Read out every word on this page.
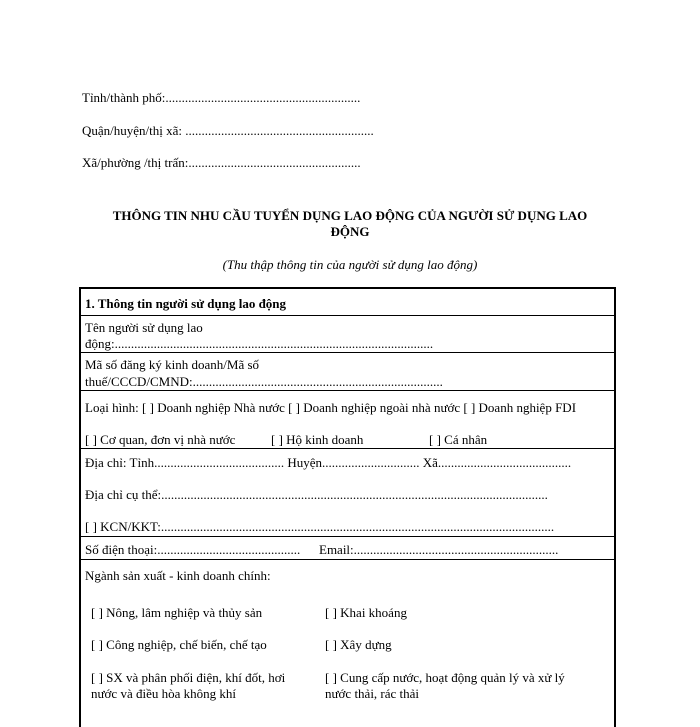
Tỉnh/thành phố:............................................................
Quận/huyện/thị xã: ..........................................................
Xã/phường /thị trấn:.....................................................
THÔNG TIN NHU CẦU TUYỂN DỤNG LAO ĐỘNG CỦA NGƯỜI SỬ DỤNG LAO ĐỘNG
(Thu thập thông tin của người sử dụng lao động)
1. Thông tin người sử dụng lao động
Tên người sử dụng lao
động:..................................................................................................
Mã số đăng ký kinh doanh/Mã số
thuế/CCCD/CMND:.............................................................................
Loại hình: [ ] Doanh nghiệp Nhà nước [ ] Doanh nghiệp ngoài nhà nước [ ] Doanh nghiệp FDI
[ ] Cơ quan, đơn vị nhà nước	[ ] Hộ kinh doanh	[ ] Cá nhân
Địa chỉ: Tỉnh........................................ Huyện.............................. Xã.........................................
Địa chỉ cụ thể:.......................................................................................................................
[ ] KCN/KKT:.........................................................................................................................
Số điện thoại:............................................ Email:...............................................................
Ngành sản xuất - kinh doanh chính:
[ ] Nông, lâm nghiệp và thủy sản	[ ] Khai khoáng
[ ] Công nghiệp, chế biến, chế tạo	[ ] Xây dựng
[ ] SX và phân phối điện, khí đốt, hơi
nước và điều hòa không khí
[ ] Cung cấp nước, hoạt động quản lý và xử lý
nước thải, rác thải
